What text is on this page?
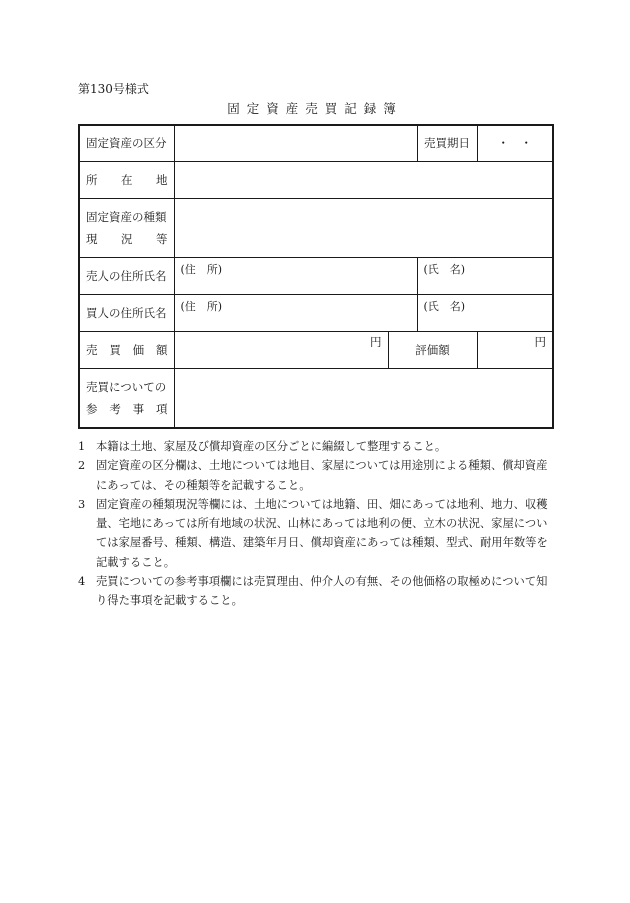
第130号様式
固定資産売買記録簿
固定資産の区分			売買期日	・　・
所在地				

固定資産の種類
現況等				

売人の住所氏名	(住　所)		(氏　名)	

買人の住所氏名	(住　所)		(氏　名)	

売買価額	円	評価額		円

売買についての
参考事項				

1 本籍は土地、家屋及び償却資産の区分ごとに編綴して整理すること。
2 固定資産の区分欄は、土地については地目、家屋については用途別による種類、償却資産にあっては、その種類等を記載すること。
3 固定資産の種類現況等欄には、土地については地籍、田、畑にあっては地利、地力、収穫量、宅地にあっては所有地域の状況、山林にあっては地利の便、立木の状況、家屋については家屋番号、種類、構造、建築年月日、償却資産にあっては種類、型式、耐用年数等を記載すること。
4 売買についての参考事項欄には売買理由、仲介人の有無、その他価格の取極めについて知り得た事項を記載すること。
